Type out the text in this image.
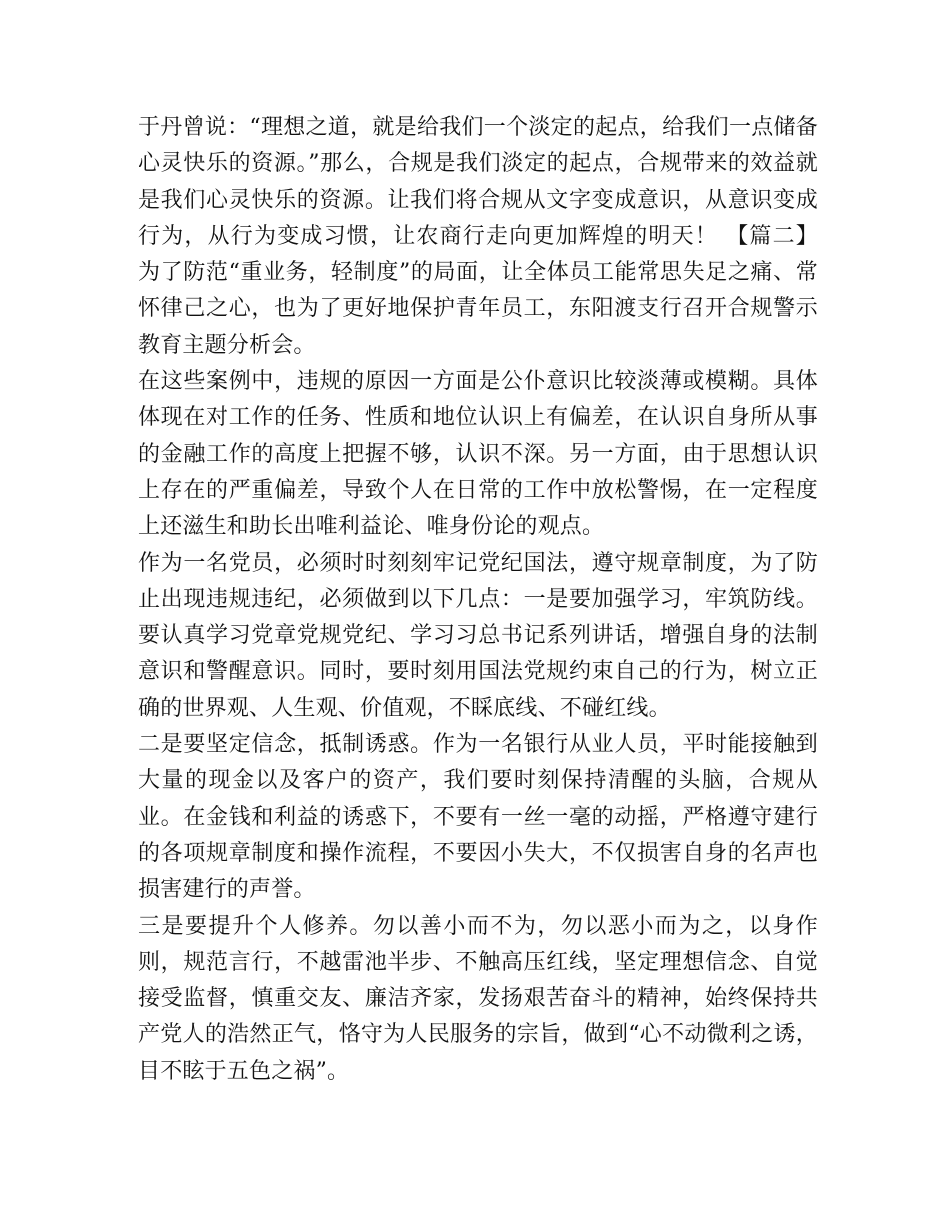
于丹曾说：“理想之道，就是给我们一个淡定的起点，给我们一点储备心灵快乐的资源。”那么，合规是我们淡定的起点，合规带来的效益就是我们心灵快乐的资源。让我们将合规从文字变成意识，从意识变成行为，从行为变成习惯，让农商行走向更加辉煌的明天！ 【篇二】 为了防范“重业务，轻制度”的局面，让全体员工能常思失足之痛、常怀律己之心，也为了更好地保护青年员工，东阳渡支行召开合规警示教育主题分析会。

在这些案例中，违规的原因一方面是公仆意识比较淡薄或模糊。具体体现在对工作的任务、性质和地位认识上有偏差，在认识自身所从事的金融工作的高度上把握不够，认识不深。另一方面，由于思想认识上存在的严重偏差，导致个人在日常的工作中放松警惕，在一定程度上还滋生和助长出唯利益论、唯身份论的观点。

作为一名党员，必须时时刻刻牢记党纪国法，遵守规章制度，为了防止出现违规违纪，必须做到以下几点：一是要加强学习，牢筑防线。要认真学习党章党规党纪、学习习总书记系列讲话，增强自身的法制意识和警醒意识。同时，要时刻用国法党规约束自己的行为，树立正确的世界观、人生观、价值观，不睬底线、不碰红线。

二是要坚定信念，抵制诱惑。作为一名银行从业人员，平时能接触到大量的现金以及客户的资产，我们要时刻保持清醒的头脑，合规从业。在金钱和利益的诱惑下，不要有一丝一毫的动摇，严格遵守建行的各项规章制度和操作流程，不要因小失大，不仅损害自身的名声也损害建行的声誉。

三是要提升个人修养。勿以善小而不为，勿以恶小而为之，以身作则，规范言行，不越雷池半步、不触高压红线，坚定理想信念、自觉接受监督，慎重交友、廉洁齐家，发扬艰苦奋斗的精神，始终保持共产党人的浩然正气，恪守为人民服务的宗旨，做到“心不动微利之诱，目不眩于五色之祸”。
